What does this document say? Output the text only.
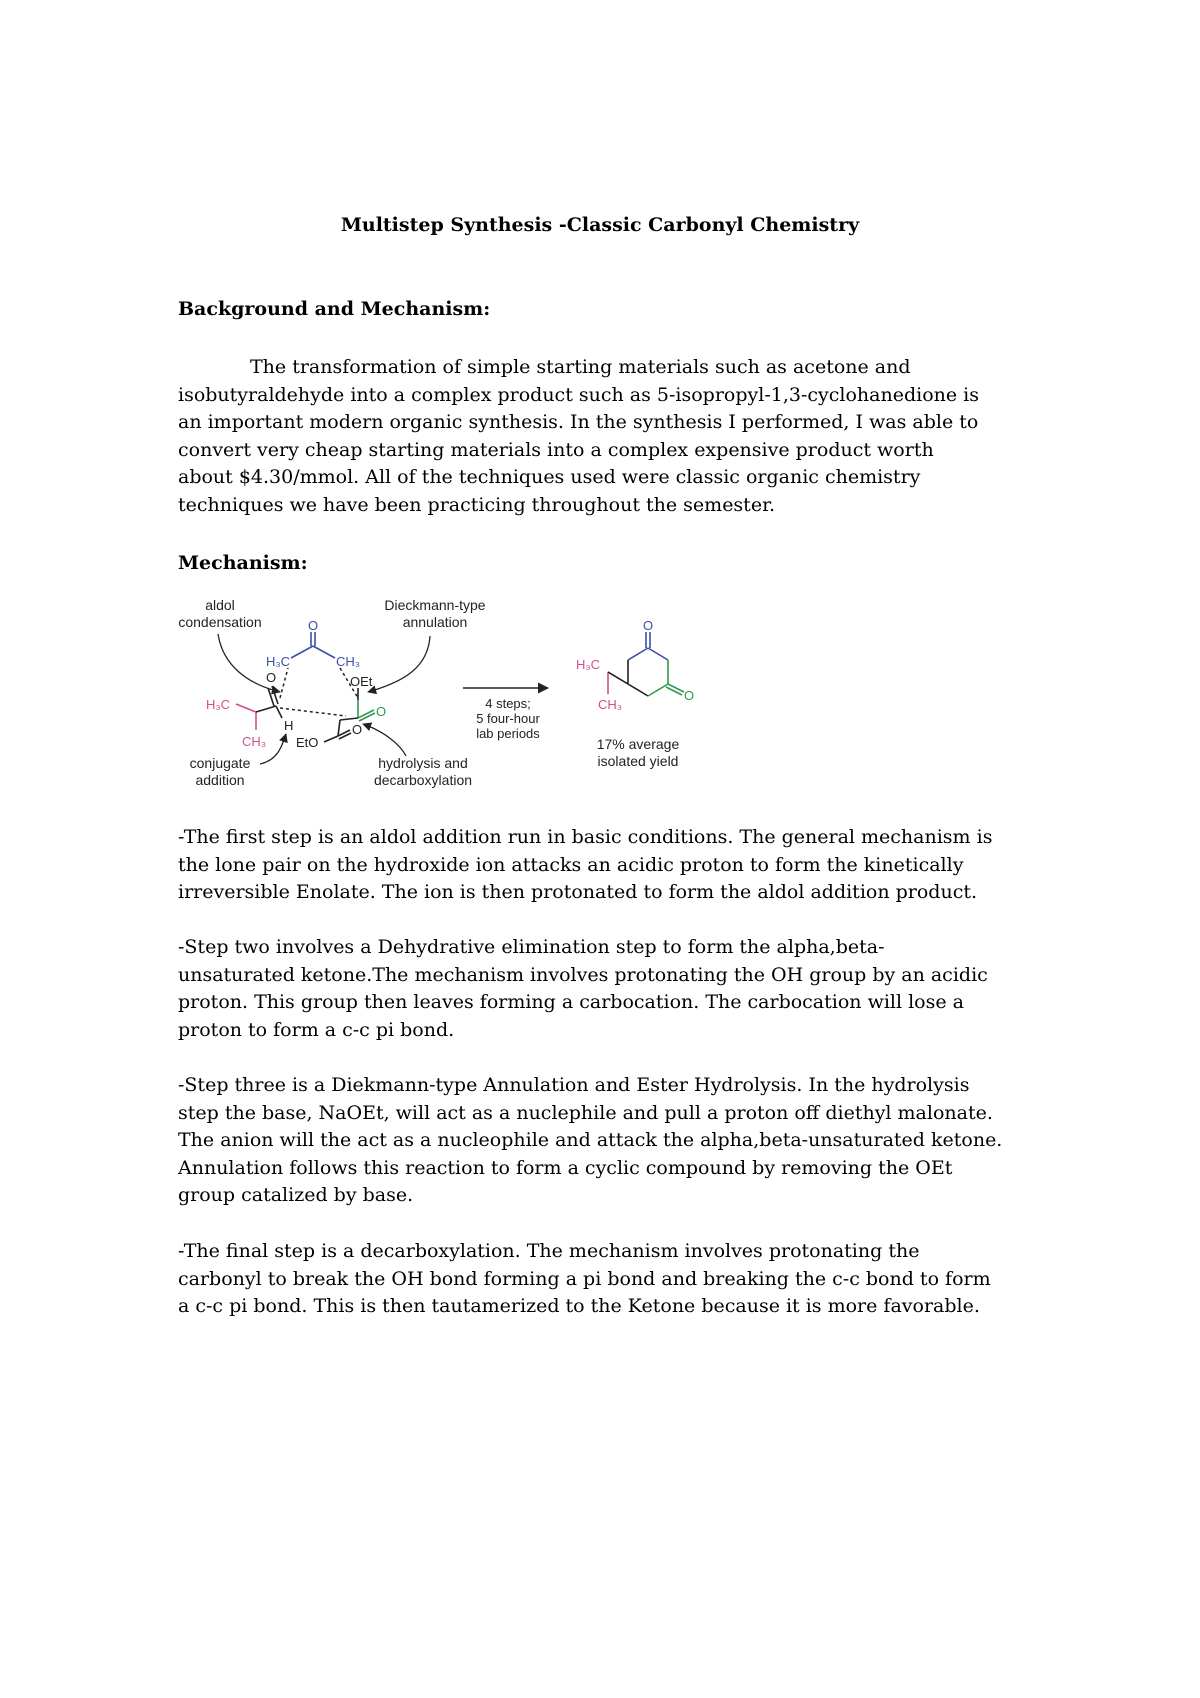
Multistep Synthesis -Classic Carbonyl Chemistry
Background and Mechanism:
The transformation of simple starting materials such as acetone and
isobutyraldehyde into a complex product such as 5-isopropyl-1,3-cyclohanedione is
an important modern organic synthesis. In the synthesis I performed, I was able to
convert very cheap starting materials into a complex expensive product worth
about $4.30/mmol. All of the techniques used were classic organic chemistry
techniques we have been practicing throughout the semester.
Mechanism:
aldol
condensation
Dieckmann-type
annulation
conjugate
addition
hydrolysis and
decarboxylation
O
H₃C	CH₃
H₃C
CH₃
O
H
O
OEt
O
EtO
4 steps;
5 four-hour
lab periods
O
O
H₃C
CH₃
17% average
isolated yield
-The first step is an aldol addition run in basic conditions. The general mechanism is
the lone pair on the hydroxide ion attacks an acidic proton to form the kinetically
irreversible Enolate. The ion is then protonated to form the aldol addition product.
-Step two involves a Dehydrative elimination step to form the alpha,beta-
unsaturated ketone.The mechanism involves protonating the OH group by an acidic
proton. This group then leaves forming a carbocation. The carbocation will lose a
proton to form a c-c pi bond.
-Step three is a Diekmann-type Annulation and Ester Hydrolysis. In the hydrolysis
step the base, NaOEt, will act as a nuclephile and pull a proton off diethyl malonate.
The anion will the act as a nucleophile and attack the alpha,beta-unsaturated ketone.
Annulation follows this reaction to form a cyclic compound by removing the OEt
group catalized by base.
-The final step is a decarboxylation. The mechanism involves protonating the
carbonyl to break the OH bond forming a pi bond and breaking the c-c bond to form
a c-c pi bond. This is then tautamerized to the Ketone because it is more favorable.
